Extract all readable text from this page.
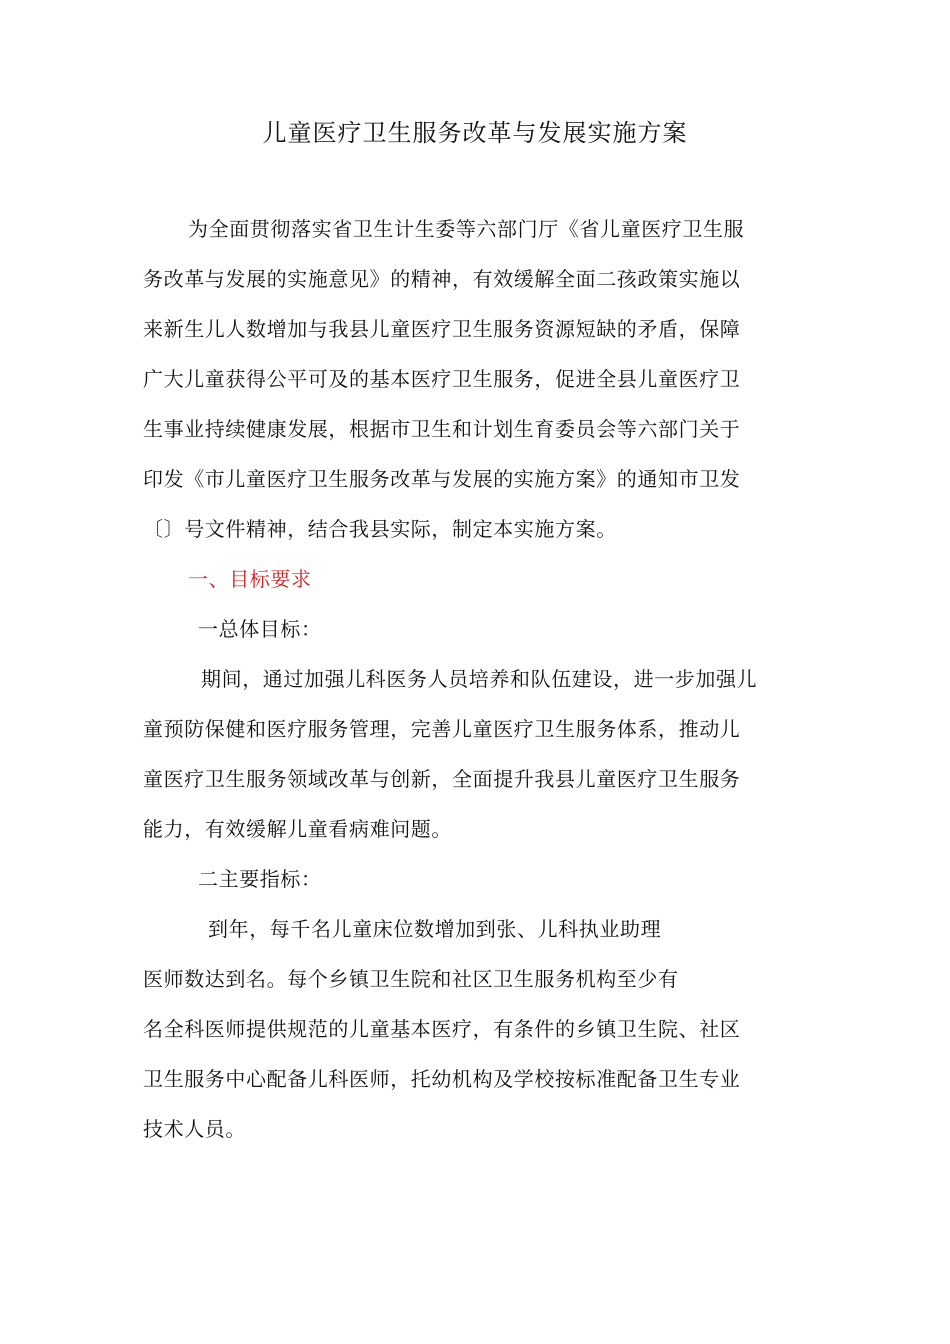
儿童医疗卫生服务改革与发展实施方案
为全面贯彻落实省卫生计生委等六部门厅《省儿童医疗卫生服
务改革与发展的实施意见》的精神，有效缓解全面二孩政策实施以
来新生儿人数增加与我县儿童医疗卫生服务资源短缺的矛盾，保障
广大儿童获得公平可及的基本医疗卫生服务，促进全县儿童医疗卫
生事业持续健康发展，根据市卫生和计划生育委员会等六部门关于
印发《市儿童医疗卫生服务改革与发展的实施方案》的通知市卫发
〔〕号文件精神，结合我县实际，制定本实施方案。
一、目标要求
一总体目标：
期间，通过加强儿科医务人员培养和队伍建设，进一步加强儿
童预防保健和医疗服务管理，完善儿童医疗卫生服务体系，推动儿
童医疗卫生服务领域改革与创新，全面提升我县儿童医疗卫生服务
能力，有效缓解儿童看病难问题。
二主要指标：
到年，每千名儿童床位数增加到张、儿科执业助理
医师数达到名。每个乡镇卫生院和社区卫生服务机构至少有
名全科医师提供规范的儿童基本医疗，有条件的乡镇卫生院、社区
卫生服务中心配备儿科医师，托幼机构及学校按标准配备卫生专业
技术人员。
